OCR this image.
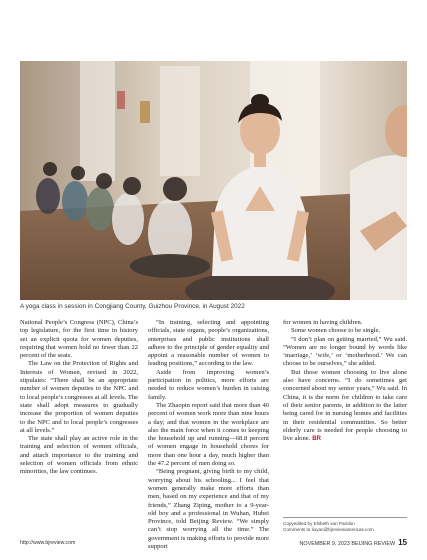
A yoga class in session in Congjiang County, Guizhou Province, in August 2022

National People’s Congress (NPC), China’s top legislature, for the first time in history set an explicit quota for women deputies, requiring that women hold no fewer than 22 percent of the seats.

The Law on the Protection of Rights and Interests of Women, revised in 2022, stipulates: “There shall be an appropriate number of women deputies to the NPC and to local people’s congresses at all levels. The state shall adopt measures to gradually increase the proportion of women deputies to the NPC and to local people’s congresses at all levels.”

The state shall play an active role in the training and selection of women officials, and attach importance to the training and selection of women officials from ethnic minorities, the law continues.

“In training, selecting and appointing officials, state organs, people’s organizations, enterprises and public institutions shall adhere to the principle of gender equality and appoint a reasonable number of women to leading positions,” according to the law.

Aside from improving women’s participation in politics, more efforts are needed to reduce women’s burden in raising family.

The Zhaopin report said that more than 40 percent of women work more than nine hours a day; and that women in the workplace are also the main force when it comes to keeping the household up and running—68.8 percent of women engage in household chores for more than one hour a day, much higher than the 47.2 percent of men doing so.

“Being pregnant, giving birth to my child, worrying about his schooling... I feel that women generally make more efforts than men, based on my experience and that of my friends,” Zhang Ziping, mother to a 9-year-old boy and a professional in Wuhan, Hubei Province, told Beijing Review. “We simply can’t stop worrying all the time.” The government is making efforts to provide more support

for women in having children.

Some women choose to be single.

“I don’t plan on getting married,” Wu said. “Women are no longer bound by words like ‘marriage,’ ‘wife,’ or ‘motherhood.’ We can choose to be ourselves,” she added.

But those women choosing to live alone also have concerns. “I do sometimes get concerned about my senior years,” Wu said. In China, it is the norm for children to take care of their senior parents, in addition to the latter being cared for in nursing homes and facilities in their residential communities. So better elderly care is needed for people choosing to live alone. BR

Copyedited by Elsbeth van Paridon
Comments to liuyan@bjreviewamericas.com
http://www.bjreview.com	NOVEMBER 9, 2023 BEIJING REVIEW 15
